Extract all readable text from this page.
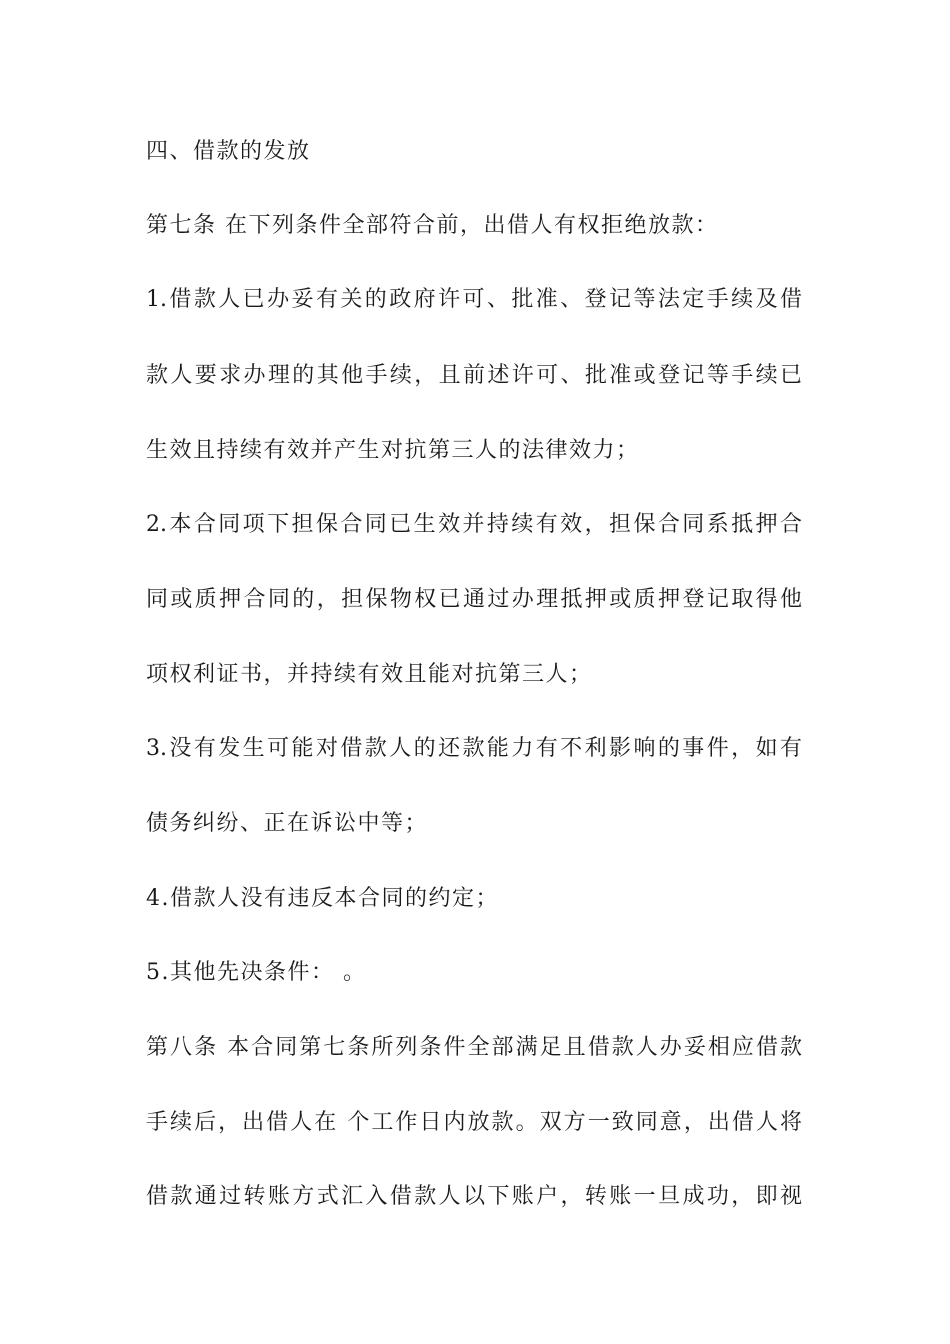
四、借款的发放
第七条 在下列条件全部符合前，出借人有权拒绝放款：
1.借款人已办妥有关的政府许可、批准、登记等法定手续及借
款人要求办理的其他手续，且前述许可、批准或登记等手续已
生效且持续有效并产生对抗第三人的法律效力；
2.本合同项下担保合同已生效并持续有效，担保合同系抵押合
同或质押合同的，担保物权已通过办理抵押或质押登记取得他
项权利证书，并持续有效且能对抗第三人；
3.没有发生可能对借款人的还款能力有不利影响的事件，如有
债务纠纷、正在诉讼中等；
4.借款人没有违反本合同的约定；
5.其他先决条件： 。
第八条 本合同第七条所列条件全部满足且借款人办妥相应借款
手续后，出借人在 个工作日内放款。双方一致同意，出借人将
借款通过转账方式汇入借款人以下账户，转账一旦成功，即视
